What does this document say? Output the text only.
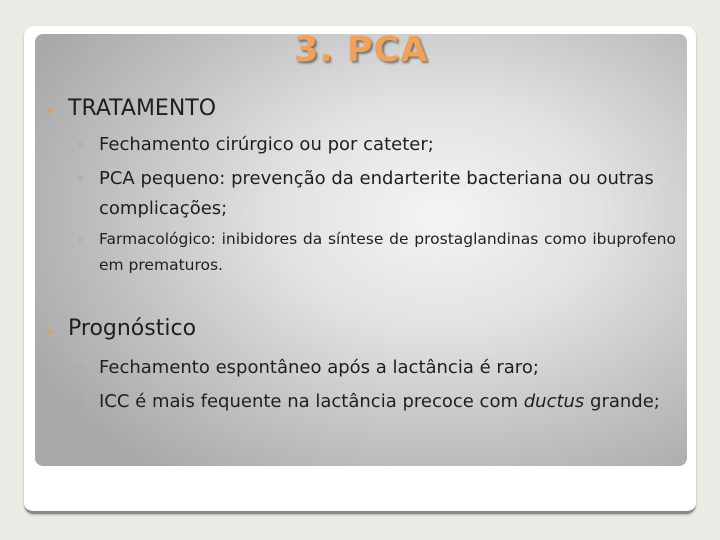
3. PCA
❧ TRATAMENTO
◦ Fechamento cirúrgico ou por cateter;
◦ PCA pequeno: prevenção da endarterite bacteriana ou outras complicações;
◦ Farmacológico: inibidores da síntese de prostaglandinas como ibuprofeno em prematuros.
❧ Prognóstico
◦ Fechamento espontâneo após a lactância é raro;
◦ ICC é mais fequente na lactância precoce com ductus grande;
